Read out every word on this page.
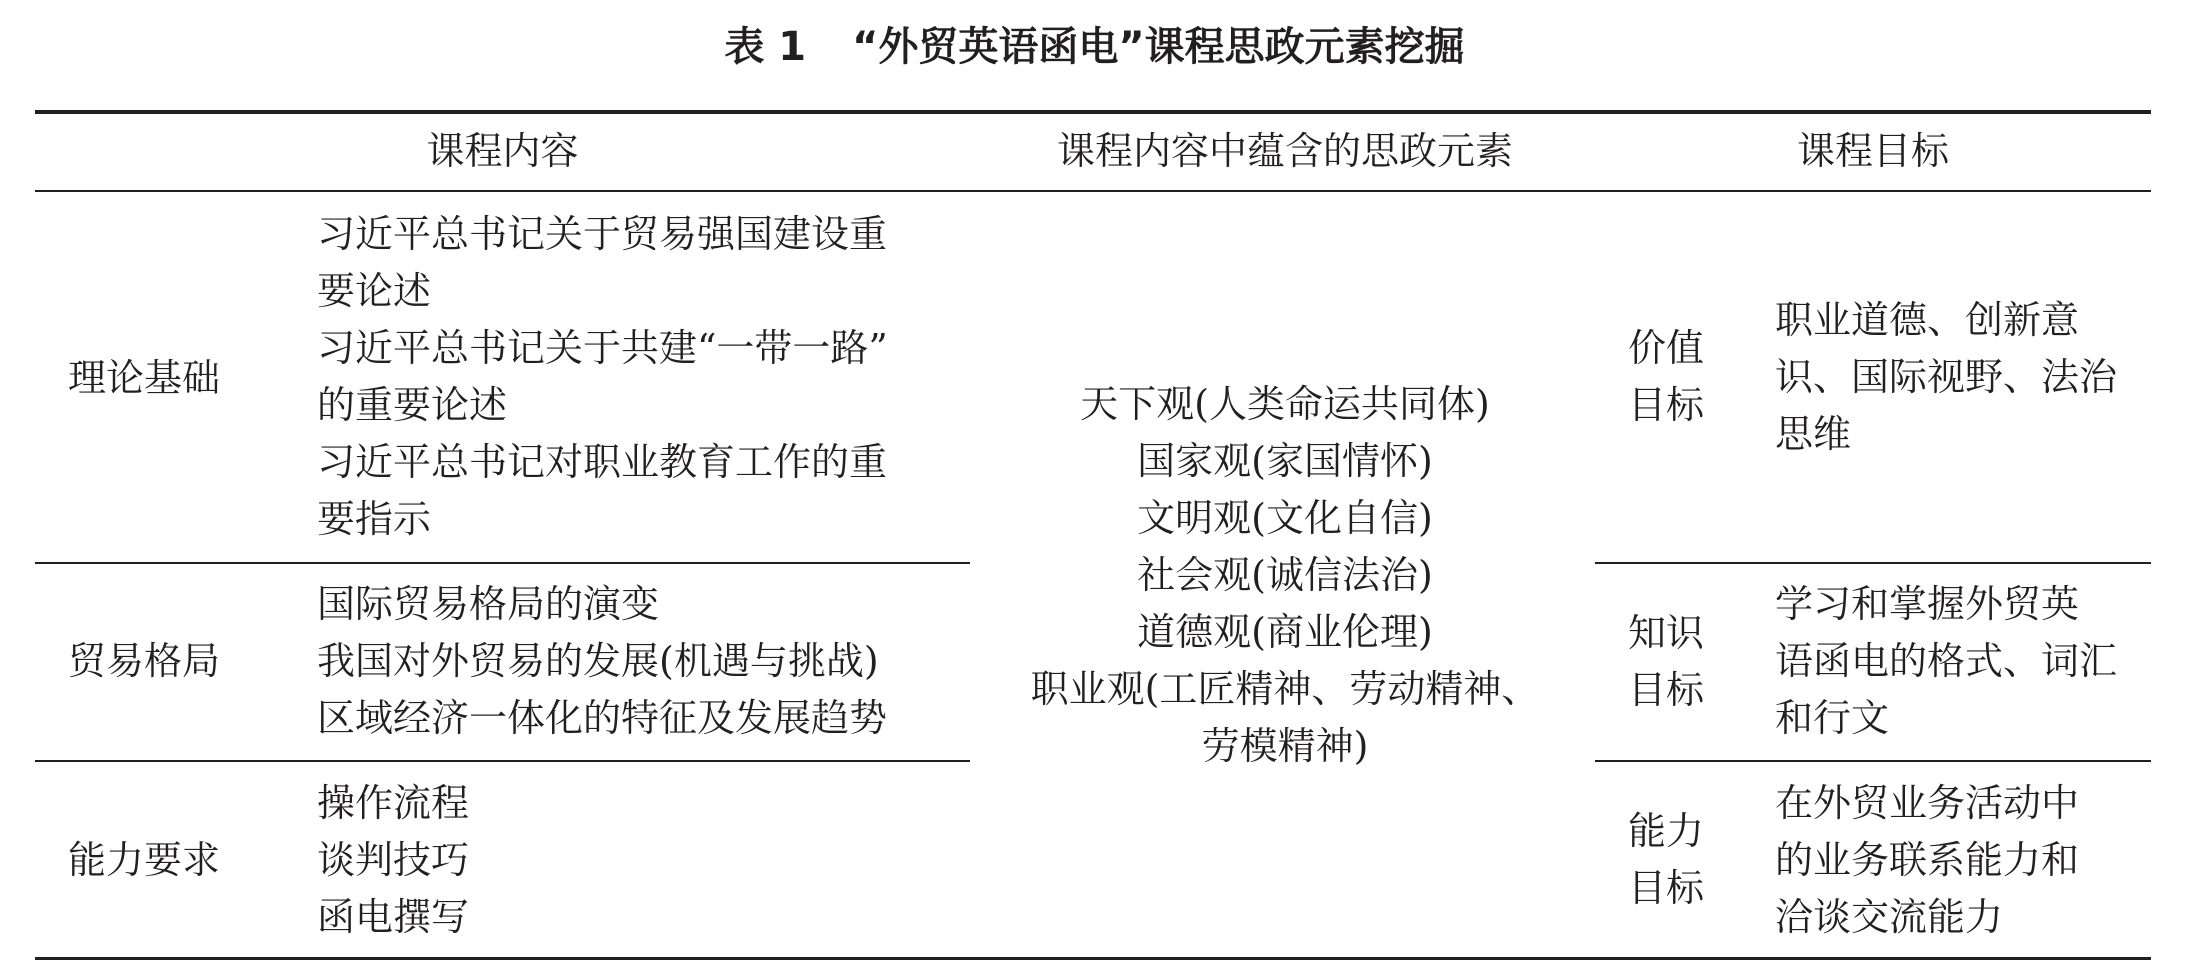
表 1 “外贸英语函电”课程思政元素挖掘
课程内容	课程内容中蕴含的思政元素	课程目标
理论基础
习近平总书记关于贸易强国建设重
要论述
习近平总书记关于共建“一带一路”
的重要论述
习近平总书记对职业教育工作的重
要指示
贸易格局
国际贸易格局的演变
我国对外贸易的发展(机遇与挑战)
区域经济一体化的特征及发展趋势
能力要求
操作流程
谈判技巧
函电撰写
天下观(人类命运共同体)
国家观(家国情怀)
文明观(文化自信)
社会观(诚信法治)
道德观(商业伦理)
职业观(工匠精神、劳动精神、
劳模精神)
价值
目标
职业道德、创新意
识、国际视野、法治
思维
知识
目标
学习和掌握外贸英
语函电的格式、词汇
和行文
能力
目标
在外贸业务活动中
的业务联系能力和
洽谈交流能力
